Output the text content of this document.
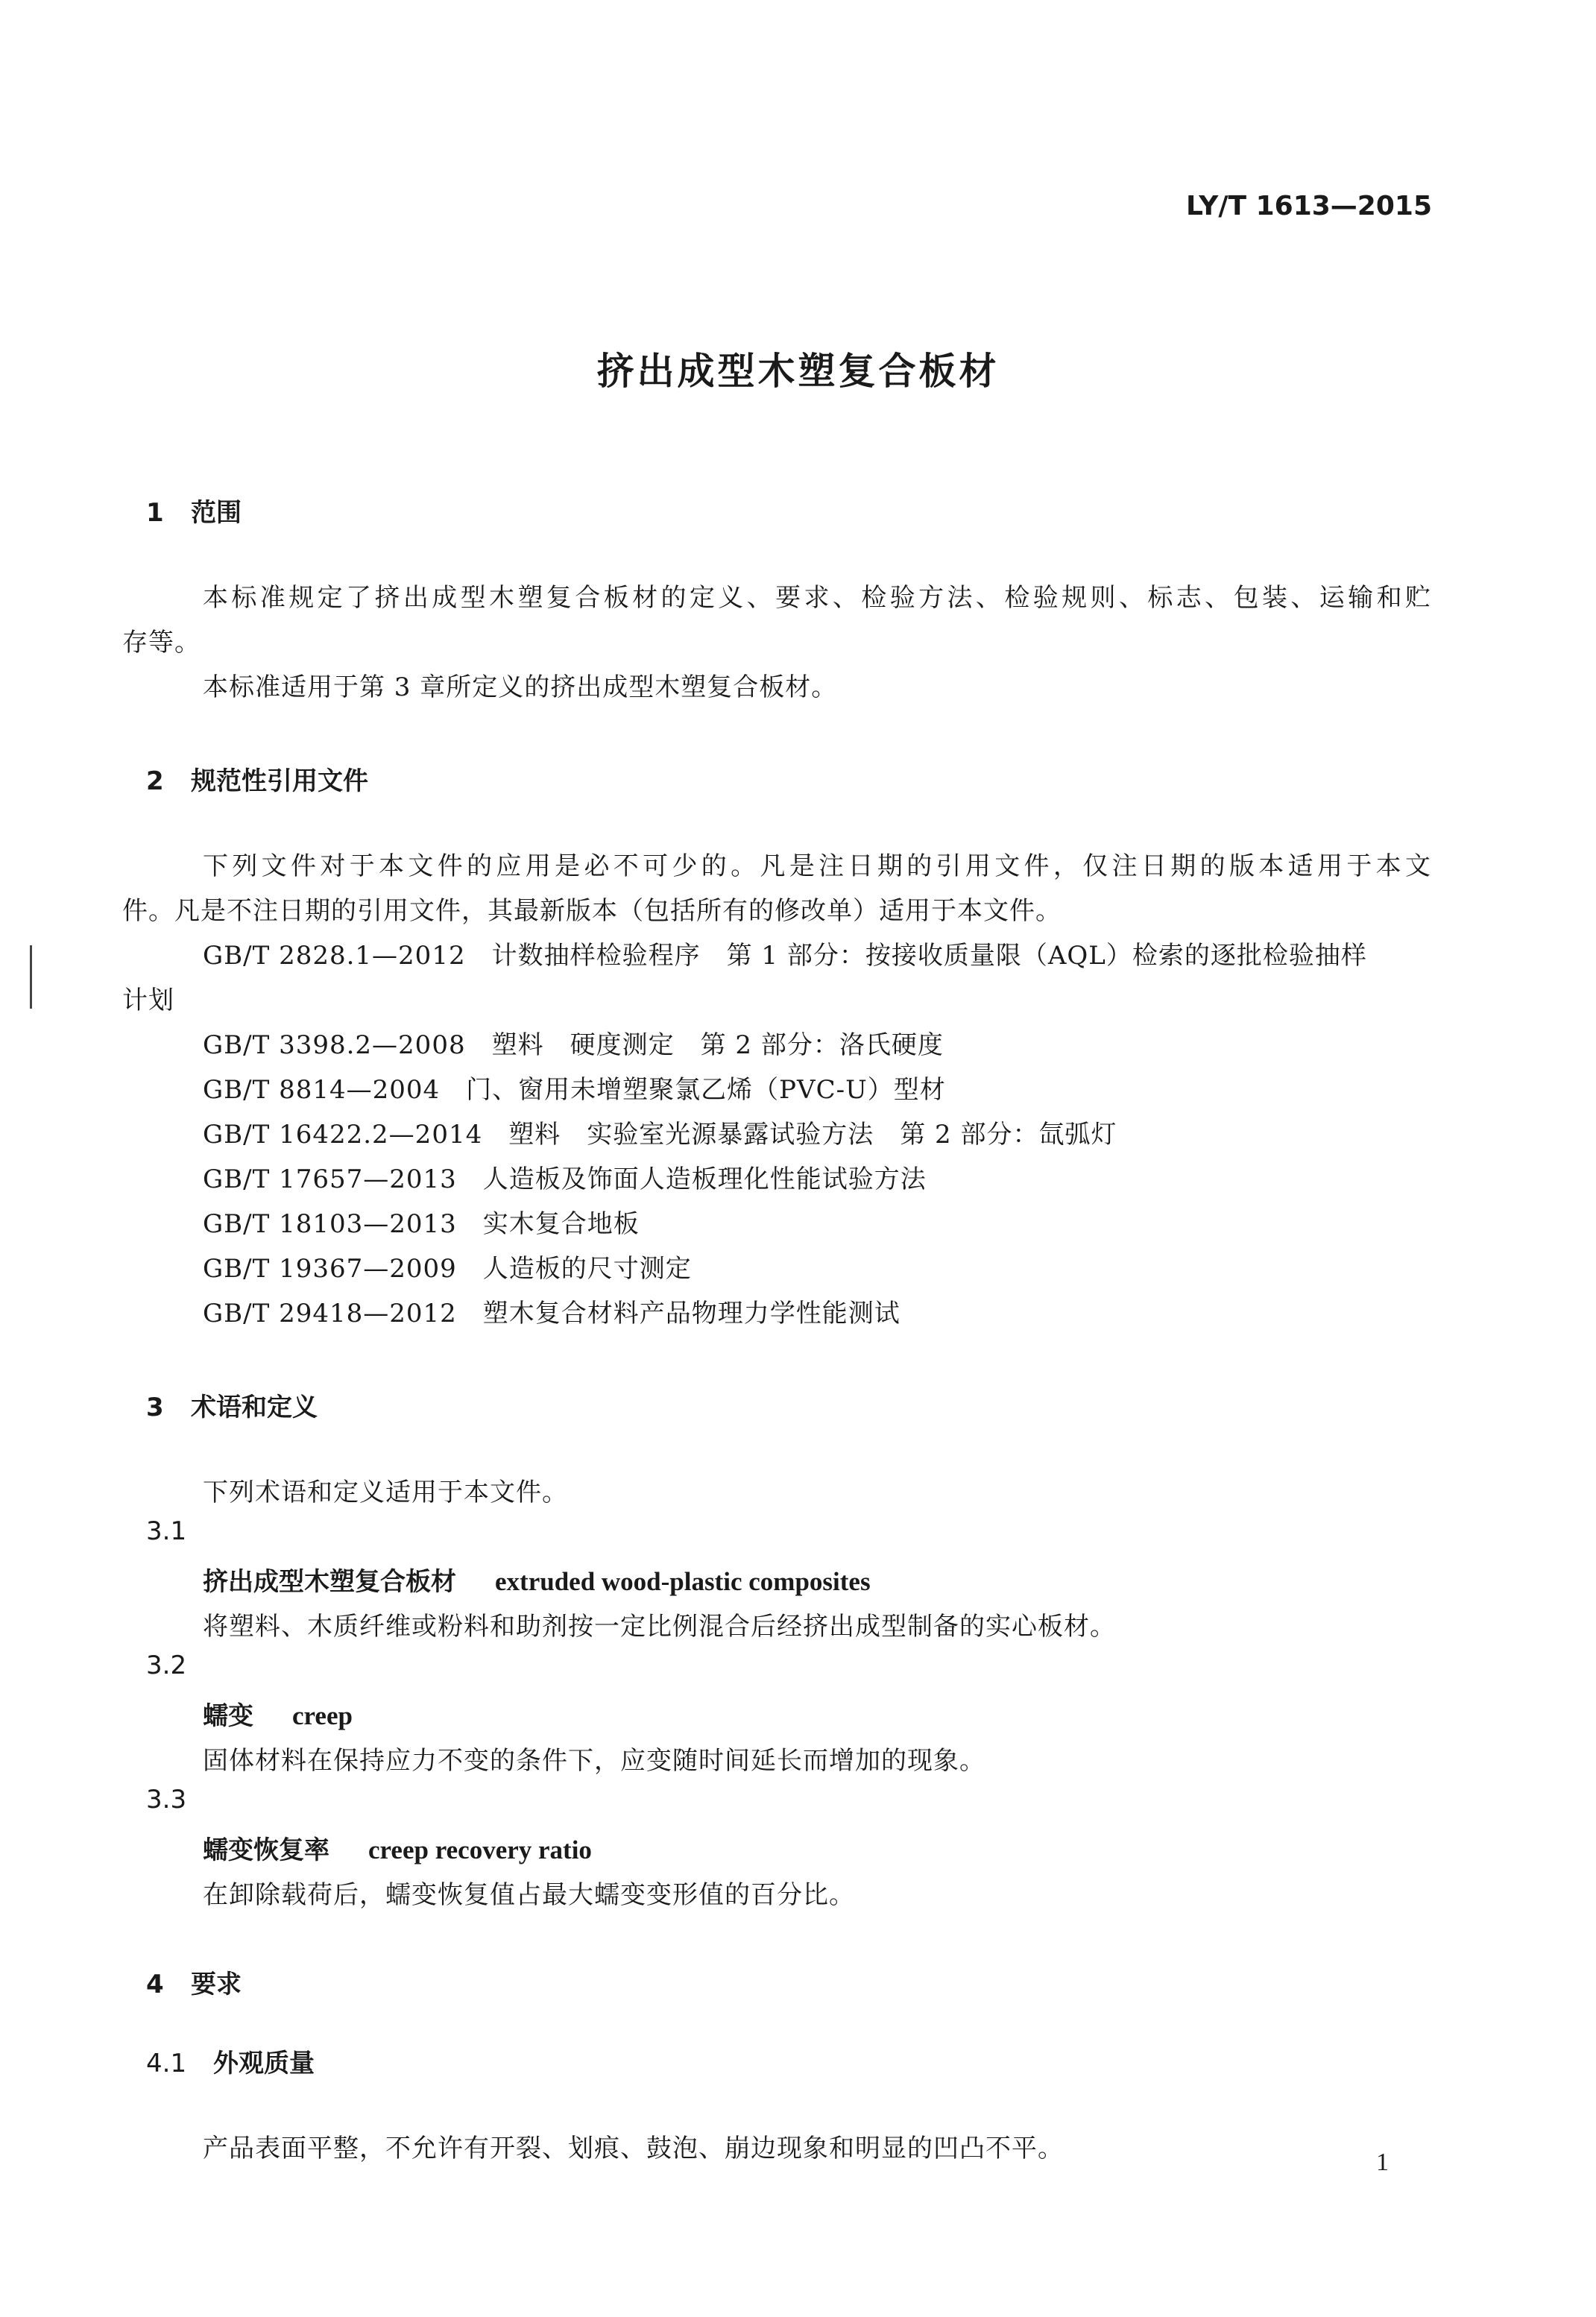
LY/T 1613—2015
挤出成型木塑复合板材
1 范围
本标准规定了挤出成型木塑复合板材的定义、要求、检验方法、检验规则、标志、包装、运输和贮
存等。
本标准适用于第 3 章所定义的挤出成型木塑复合板材。
2 规范性引用文件
下列文件对于本文件的应用是必不可少的。凡是注日期的引用文件，仅注日期的版本适用于本文
件。凡是不注日期的引用文件，其最新版本（包括所有的修改单）适用于本文件。
GB/T 2828.1—2012　 计数抽样检验程序　第 1 部分：按接收质量限（AQL）检索的逐批检验抽样
计划
GB/T 3398.2—2008　 塑料　硬度测定　第 2 部分：洛氏硬度
GB/T 8814—2004　 门、窗用未增塑聚氯乙烯（PVC-U）型材
GB/T 16422.2—2014　 塑料　实验室光源暴露试验方法　第 2 部分：氙弧灯
GB/T 17657—2013　 人造板及饰面人造板理化性能试验方法
GB/T 18103—2013　 实木复合地板
GB/T 19367—2009　 人造板的尺寸测定
GB/T 29418—2012　 塑木复合材料产品物理力学性能测试
3 术语和定义
下列术语和定义适用于本文件。
3.1
挤出成型木塑复合板材 extruded wood-plastic composites
将塑料、木质纤维或粉料和助剂按一定比例混合后经挤出成型制备的实心板材。
3.2
蠕变 creep
固体材料在保持应力不变的条件下，应变随时间延长而增加的现象。
3.3
蠕变恢复率 creep recovery ratio
在卸除载荷后，蠕变恢复值占最大蠕变变形值的百分比。
4 要求
4.1 外观质量
产品表面平整，不允许有开裂、划痕、鼓泡、崩边现象和明显的凹凸不平。	1
